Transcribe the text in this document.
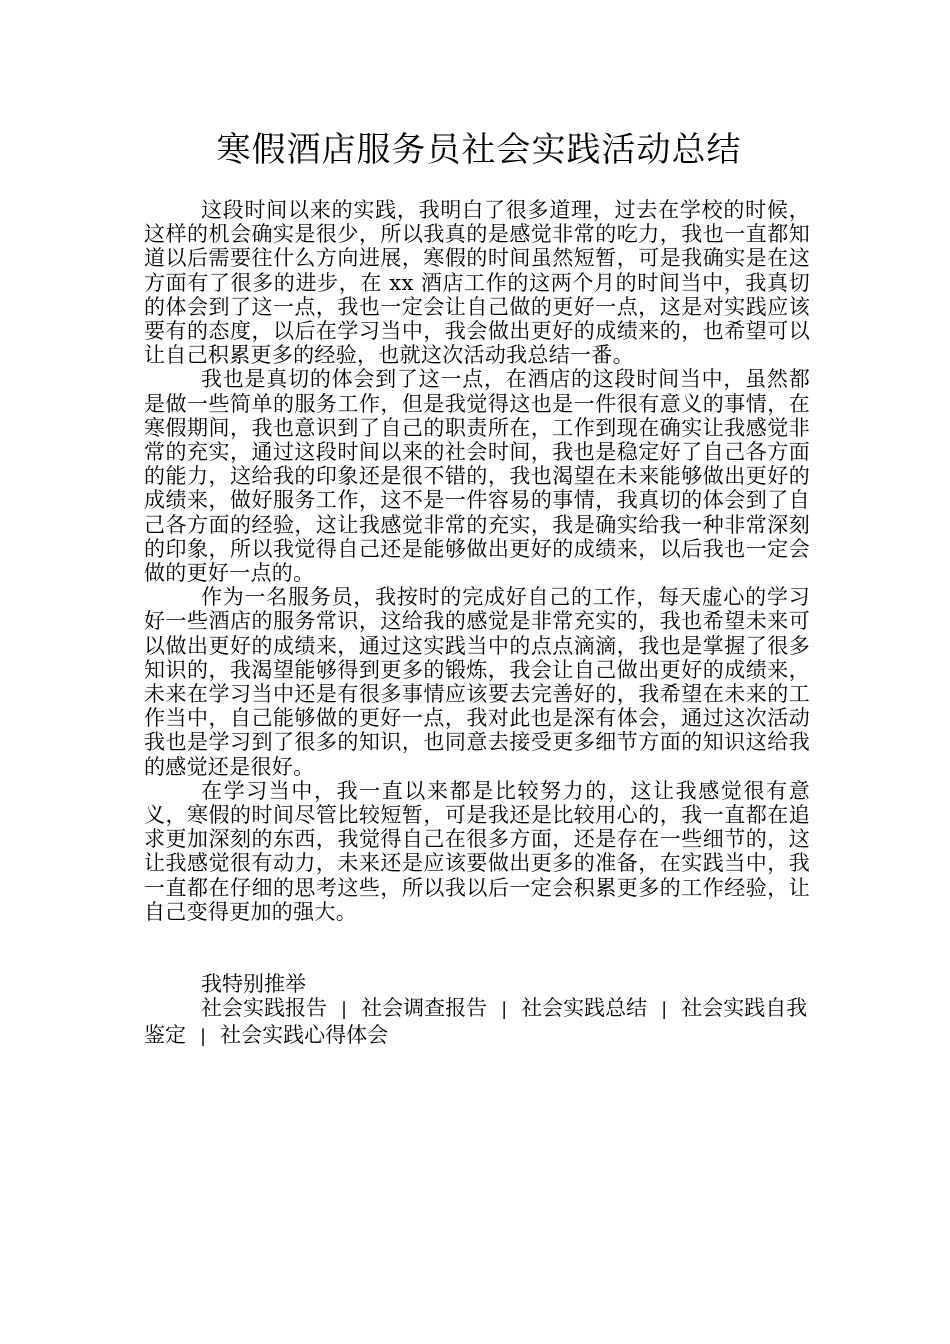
寒假酒店服务员社会实践活动总结

这段时间以来的实践，我明白了很多道理，过去在学校的时候，这样的机会确实是很少，所以我真的是感觉非常的吃力，我也一直都知道以后需要往什么方向进展，寒假的时间虽然短暂，可是我确实是在这方面有了很多的进步，在 xx 酒店工作的这两个月的时间当中，我真切的体会到了这一点，我也一定会让自己做的更好一点，这是对实践应该要有的态度，以后在学习当中，我会做出更好的成绩来的，也希望可以让自己积累更多的经验，也就这次活动我总结一番。

我也是真切的体会到了这一点，在酒店的这段时间当中，虽然都是做一些简单的服务工作，但是我觉得这也是一件很有意义的事情，在寒假期间，我也意识到了自己的职责所在，工作到现在确实让我感觉非常的充实，通过这段时间以来的社会时间，我也是稳定好了自己各方面的能力，这给我的印象还是很不错的，我也渴望在未来能够做出更好的成绩来，做好服务工作，这不是一件容易的事情，我真切的体会到了自己各方面的经验，这让我感觉非常的充实，我是确实给我一种非常深刻的印象，所以我觉得自己还是能够做出更好的成绩来，以后我也一定会做的更好一点的。

作为一名服务员，我按时的完成好自己的工作，每天虚心的学习好一些酒店的服务常识，这给我的感觉是非常充实的，我也希望未来可以做出更好的成绩来，通过这实践当中的点点滴滴，我也是掌握了很多知识的，我渴望能够得到更多的锻炼，我会让自己做出更好的成绩来，未来在学习当中还是有很多事情应该要去完善好的，我希望在未来的工作当中，自己能够做的更好一点，我对此也是深有体会，通过这次活动我也是学习到了很多的知识，也同意去接受更多细节方面的知识这给我的感觉还是很好。

在学习当中，我一直以来都是比较努力的，这让我感觉很有意义，寒假的时间尽管比较短暂，可是我还是比较用心的，我一直都在追求更加深刻的东西，我觉得自己在很多方面，还是存在一些细节的，这让我感觉很有动力，未来还是应该要做出更多的准备，在实践当中，我一直都在仔细的思考这些，所以我以后一定会积累更多的工作经验，让自己变得更加的强大。

我特别推举

社会实践报告 | 社会调查报告 | 社会实践总结 | 社会实践自我鉴定 | 社会实践心得体会
